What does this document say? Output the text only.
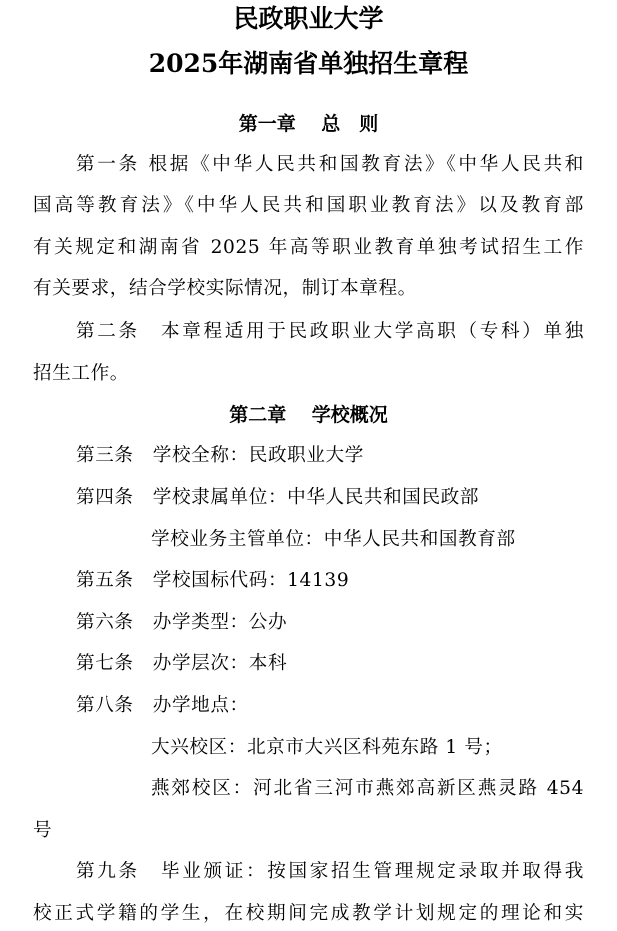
民政职业大学
2025年湖南省单独招生章程
第一章　 总　则
第一条 根据《中华人民共和国教育法》《中华人民共和
国高等教育法》《中华人民共和国职业教育法》以及教育部
有关规定和湖南省 2025 年高等职业教育单独考试招生工作
有关要求，结合学校实际情况，制订本章程。
第二条　本章程适用于民政职业大学高职（专科）单独
招生工作。
第二章　 学校概况
第三条　学校全称：民政职业大学
第四条　学校隶属单位：中华人民共和国民政部
学校业务主管单位：中华人民共和国教育部
第五条　学校国标代码：14139
第六条　办学类型：公办
第七条　办学层次：本科
第八条　办学地点：
大兴校区：北京市大兴区科苑东路 1 号；
燕郊校区：河北省三河市燕郊高新区燕灵路 454
号
第九条　毕业颁证：按国家招生管理规定录取并取得我
校正式学籍的学生，在校期间完成教学计划规定的理论和实
